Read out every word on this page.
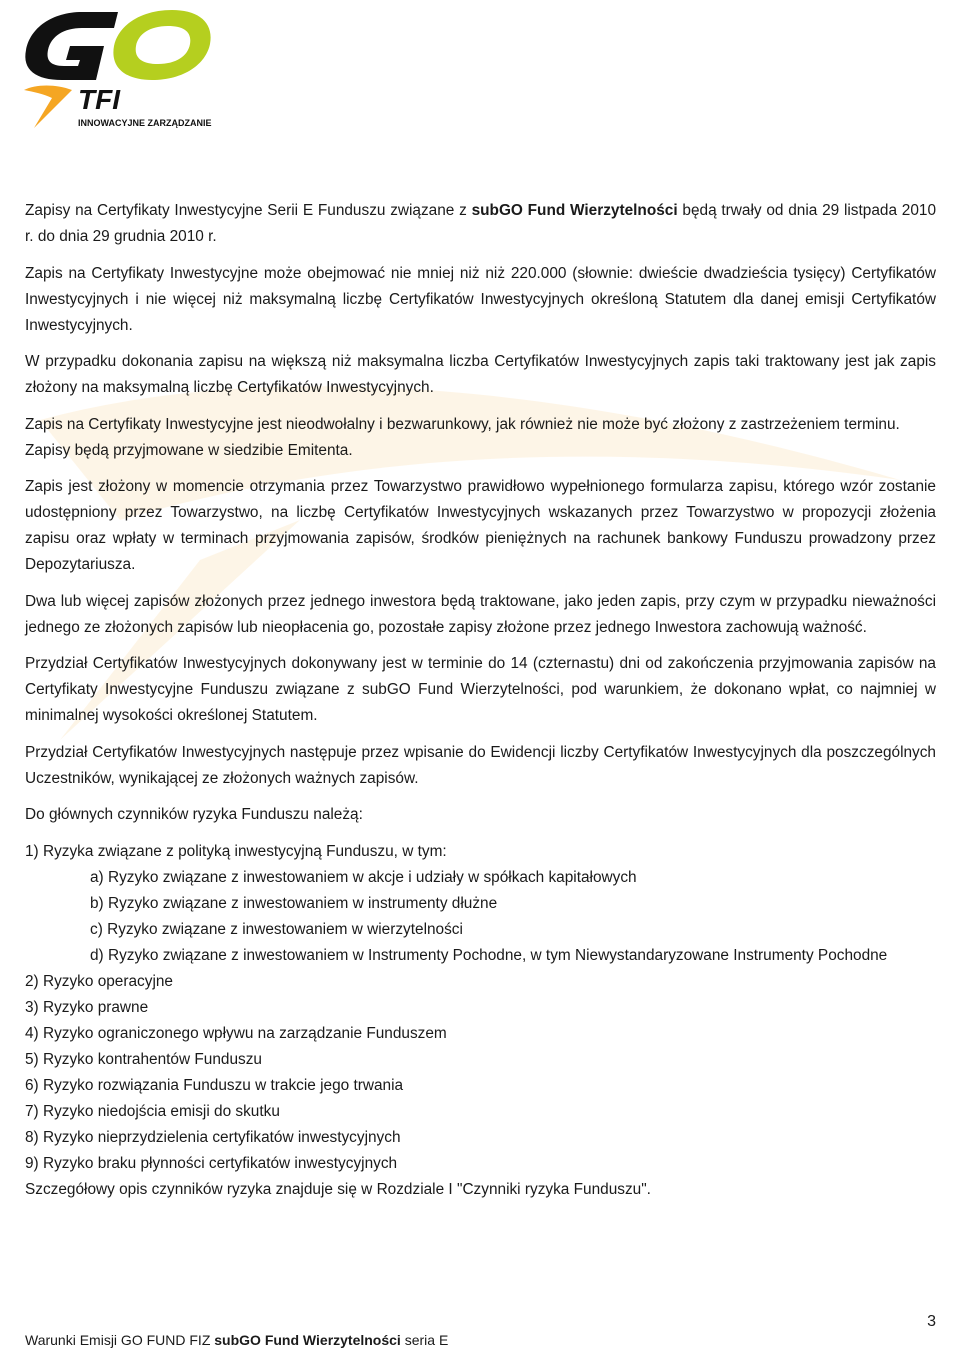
TFI
INNOWACYJNE ZARZĄDZANIE

Zapisy na Certyfikaty Inwestycyjne Serii E Funduszu związane z subGO Fund Wierzytelności będą trwały od dnia 29 listpada 2010 r. do dnia 29 grudnia 2010 r.

Zapis na Certyfikaty Inwestycyjne może obejmować nie mniej niż niż 220.000 (słownie: dwieście dwadzieścia tysięcy) Certyfikatów Inwestycyjnych i nie więcej niż maksymalną liczbę Certyfikatów Inwestycyjnych określoną Statutem dla danej emisji Certyfikatów Inwestycyjnych.

W przypadku dokonania zapisu na większą niż maksymalna liczba Certyfikatów Inwestycyjnych zapis taki traktowany jest jak zapis złożony na maksymalną liczbę Certyfikatów Inwestycyjnych.

Zapis na Certyfikaty Inwestycyjne jest nieodwołalny i bezwarunkowy, jak również nie może być złożony z zastrzeżeniem terminu.

Zapisy będą przyjmowane w siedzibie Emitenta.

Zapis jest złożony w momencie otrzymania przez Towarzystwo prawidłowo wypełnionego formularza zapisu, którego wzór zostanie udostępniony przez Towarzystwo, na liczbę Certyfikatów Inwestycyjnych wskazanych przez Towarzystwo w propozycji złożenia zapisu oraz wpłaty w terminach przyjmowania zapisów, środków pieniężnych na rachunek bankowy Funduszu prowadzony przez Depozytariusza.

Dwa lub więcej zapisów złożonych przez jednego inwestora będą traktowane, jako jeden zapis, przy czym w przypadku nieważności jednego ze złożonych zapisów lub nieopłacenia go, pozostałe zapisy złożone przez jednego Inwestora zachowują ważność.

Przydział Certyfikatów Inwestycyjnych dokonywany jest w terminie do 14 (czternastu) dni od zakończenia przyjmowania zapisów na Certyfikaty Inwestycyjne Funduszu związane z subGO Fund Wierzytelności, pod warunkiem, że dokonano wpłat, co najmniej w minimalnej wysokości określonej Statutem.

Przydział Certyfikatów Inwestycyjnych następuje przez wpisanie do Ewidencji liczby Certyfikatów Inwestycyjnych dla poszczególnych Uczestników, wynikającej ze złożonych ważnych zapisów.

Do głównych czynników ryzyka Funduszu należą:

1) Ryzyka związane z polityką inwestycyjną Funduszu, w tym:
a) Ryzyko związane z inwestowaniem w akcje i udziały w spółkach kapitałowych
b) Ryzyko związane z inwestowaniem w instrumenty dłużne
c) Ryzyko związane z inwestowaniem w wierzytelności
d) Ryzyko związane z inwestowaniem w Instrumenty Pochodne, w tym Niewystandaryzowane Instrumenty Pochodne
2) Ryzyko operacyjne
3) Ryzyko prawne
4) Ryzyko ograniczonego wpływu na zarządzanie Funduszem
5) Ryzyko kontrahentów Funduszu
6) Ryzyko rozwiązania Funduszu w trakcie jego trwania
7) Ryzyko niedojścia emisji do skutku
8) Ryzyko nieprzydzielenia certyfikatów inwestycyjnych
9) Ryzyko braku płynności certyfikatów inwestycyjnych

Szczegółowy opis czynników ryzyka znajduje się w Rozdziale I "Czynniki ryzyka Funduszu".

3
Warunki Emisji GO FUND FIZ subGO Fund Wierzytelności seria E
